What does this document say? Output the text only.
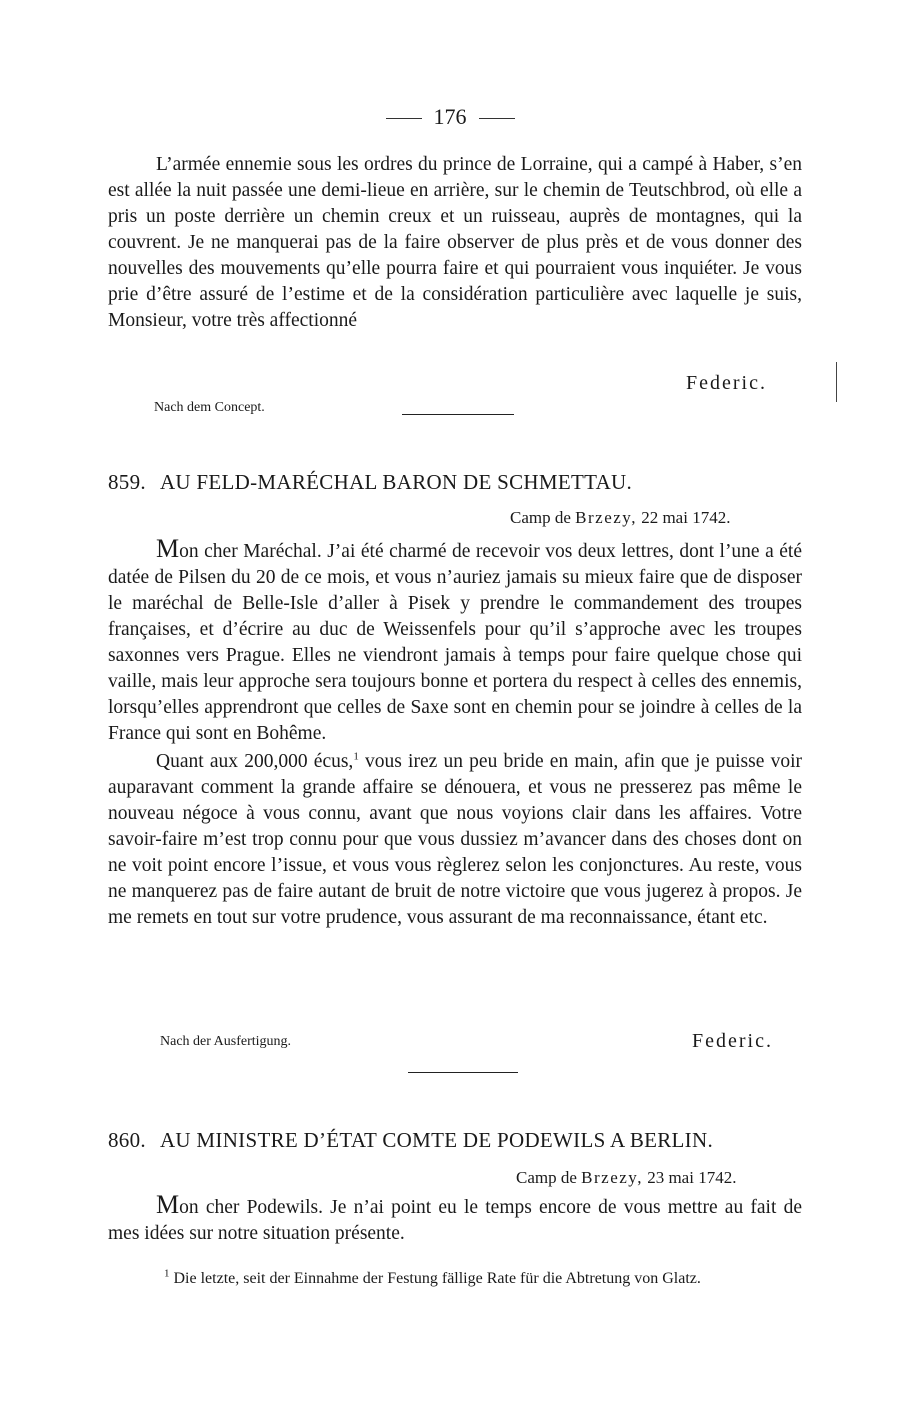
176

L’armée ennemie sous les ordres du prince de Lorraine, qui a campé à Haber, s’en est allée la nuit passée une demi-lieue en arrière, sur le chemin de Teutschbrod, où elle a pris un poste derrière un chemin creux et un ruisseau, auprès de montagnes, qui la couvrent. Je ne manquerai pas de la faire observer de plus près et de vous donner des nouvelles des mouvements qu’elle pourra faire et qui pourraient vous inquiéter. Je vous prie d’être assuré de l’estime et de la considération particulière avec laquelle je suis, Monsieur, votre très affectionné

Federic.
Nach dem Concept.
859. AU FELD-MARÉCHAL BARON DE SCHMETTAU.
Camp de Brzezy, 22 mai 1742.

Mon cher Maréchal. J’ai été charmé de recevoir vos deux lettres, dont l’une a été datée de Pilsen du 20 de ce mois, et vous n’auriez jamais su mieux faire que de disposer le maréchal de Belle-Isle d’aller à Pisek y prendre le commandement des troupes françaises, et d’écrire au duc de Weissenfels pour qu’il s’approche avec les troupes saxonnes vers Prague. Elles ne viendront jamais à temps pour faire quelque chose qui vaille, mais leur approche sera toujours bonne et portera du respect à celles des ennemis, lorsqu’elles apprendront que celles de Saxe sont en chemin pour se joindre à celles de la France qui sont en Bohême.

Quant aux 200,000 écus,$^1$ vous irez un peu bride en main, afin que je puisse voir auparavant comment la grande affaire se dénouera, et vous ne presserez pas même le nouveau négoce à vous connu, avant que nous voyions clair dans les affaires. Votre savoir-faire m’est trop connu pour que vous dussiez m’avancer dans des choses dont on ne voit point encore l’issue, et vous vous règlerez selon les conjonctures. Au reste, vous ne manquerez pas de faire autant de bruit de notre victoire que vous jugerez à propos. Je me remets en tout sur votre prudence, vous assurant de ma reconnaissance, étant etc.

Nach der Ausfertigung.	Federic.
860. AU MINISTRE D’ÉTAT COMTE DE PODEWILS A BERLIN.
Camp de Brzezy, 23 mai 1742.

Mon cher Podewils. Je n’ai point eu le temps encore de vous mettre au fait de mes idées sur notre situation présente.

$^1$ Die letzte, seit der Einnahme der Festung fällige Rate für die Abtretung von Glatz.
